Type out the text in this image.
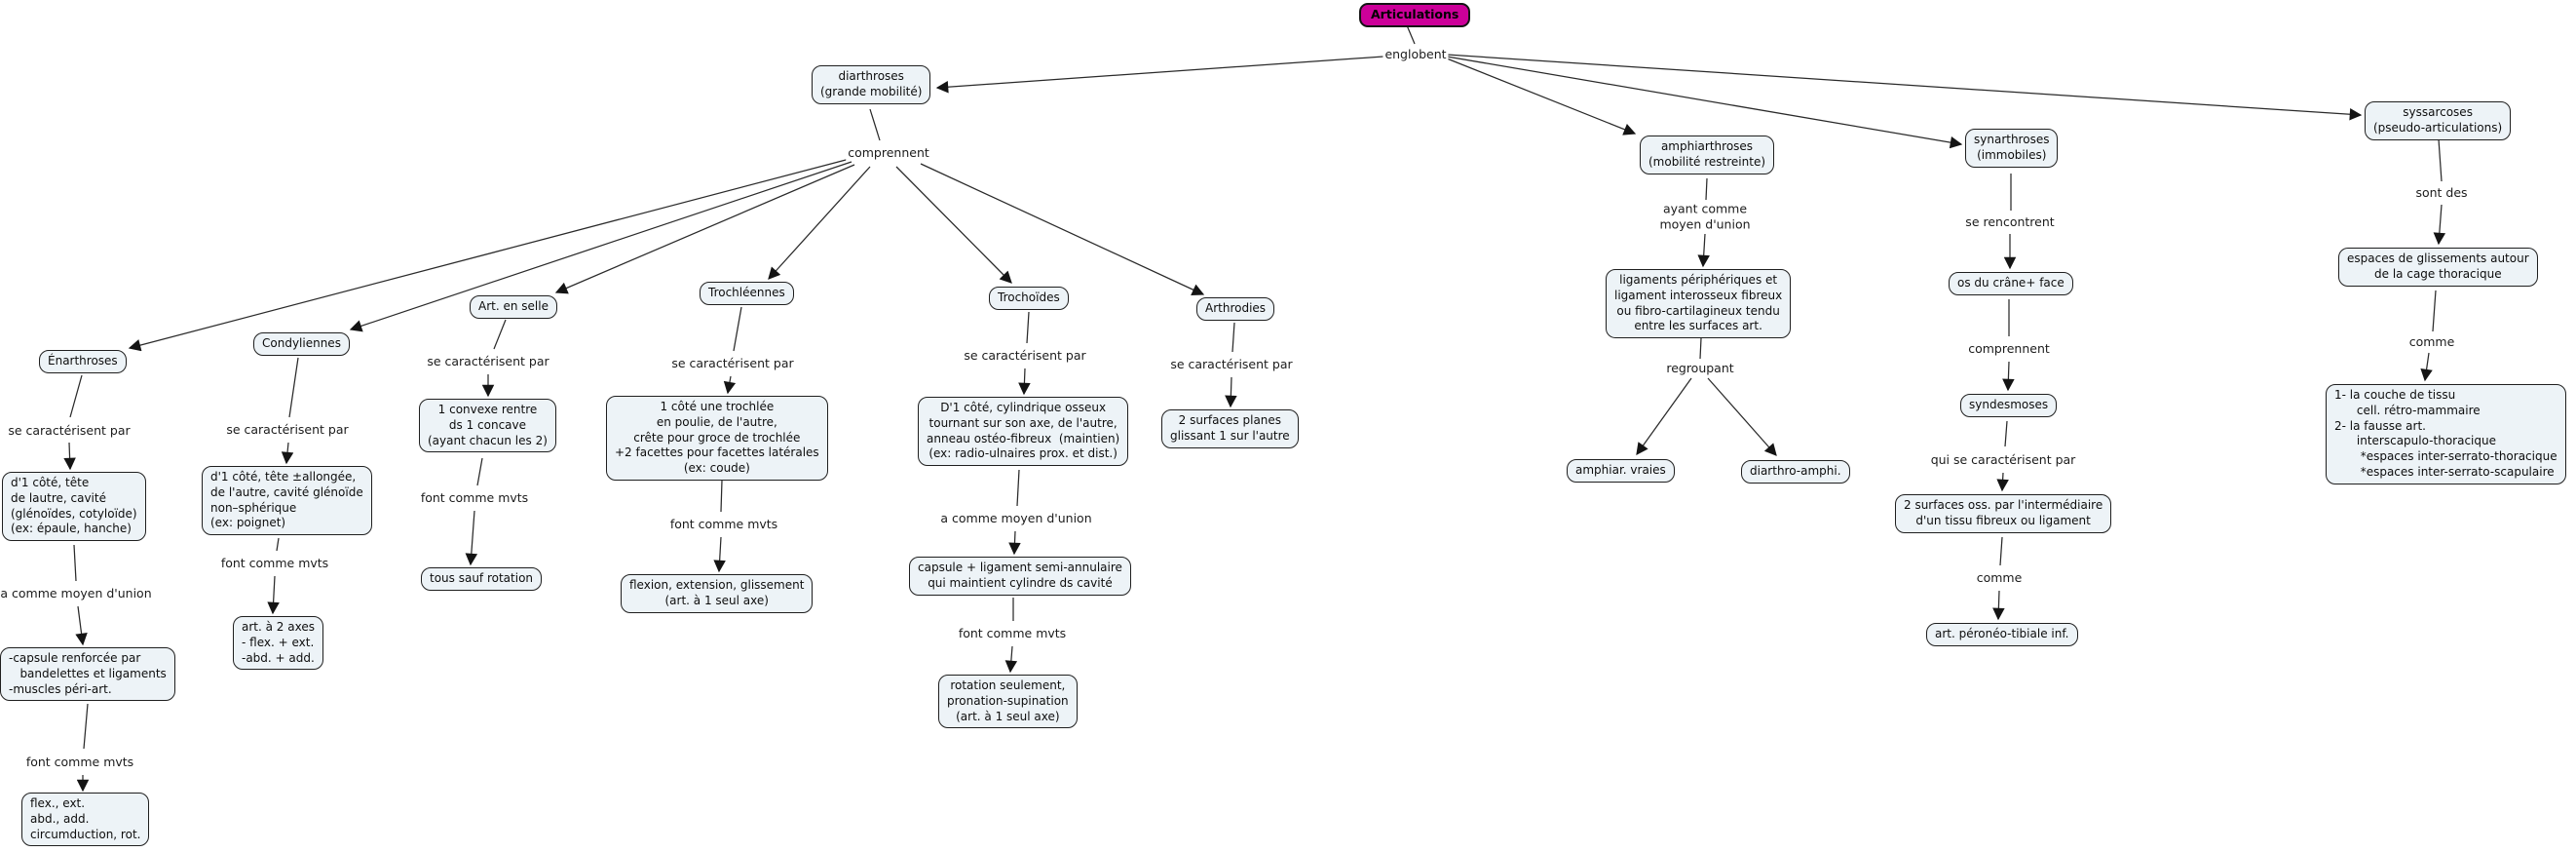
Articulations
diarthroses
(grande mobilité)
Énarthroses
d'1 côté, tête
de lautre, cavité
(glénoïdes, cotyloïde)
(ex: épaule, hanche)
-capsule renforcée par
bandelettes et ligaments
-muscles péri-art.
flex., ext.
abd., add.
circumduction, rot.
Condyliennes
d'1 côté, tête ±allongée,
de l'autre, cavité glénoïde
non–sphérique
(ex: poignet)
art. à 2 axes
- flex. + ext.
-abd. + add.
Art. en selle
1 convexe rentre
ds 1 concave
(ayant chacun les 2)
tous sauf rotation
Trochléennes
1 côté une trochlée
en poulie, de l'autre,
crête pour groce de trochlée
+2 facettes pour facettes latérales
(ex: coude)
flexion, extension, glissement
(art. à 1 seul axe)
Trochoïdes
D'1 côté, cylindrique osseux
tournant sur son axe, de l'autre,
anneau ostéo-fibreux  (maintien)
(ex: radio-ulnaires prox. et dist.)
capsule + ligament semi-annulaire
qui maintient cylindre ds cavité
rotation seulement,
pronation-supination
(art. à 1 seul axe)
Arthrodies
2 surfaces planes
glissant 1 sur l'autre
amphiarthroses
(mobilité restreinte)
ligaments périphériques et
ligament interosseux fibreux
ou fibro-cartilagineux tendu
entre les surfaces art.
amphiar. vraies	diarthro-amphi.
synarthroses
(immobiles)
os du crâne+ face
syndesmoses
2 surfaces oss. par l'intermédiaire
d'un tissu fibreux ou ligament
art. péronéo-tibiale inf.
syssarcoses
(pseudo-articulations)
espaces de glissements autour
de la cage thoracique
1- la couche de tissu
cell. rétro-mammaire
2- la fausse art.
interscapulo-thoracique
*espaces inter-serrato-thoracique
*espaces inter-serrato-scapulaire
englobent
comprennent
se caractérisent par
a comme moyen d'union
font comme mvts
se caractérisent par
font comme mvts
se caractérisent par
font comme mvts
se caractérisent par
font comme mvts
se caractérisent par
a comme moyen d'union
font comme mvts
se caractérisent par
ayant comme
moyen d'union
regroupant
se rencontrent
comprennent
qui se caractérisent par
comme
sont des
comme
